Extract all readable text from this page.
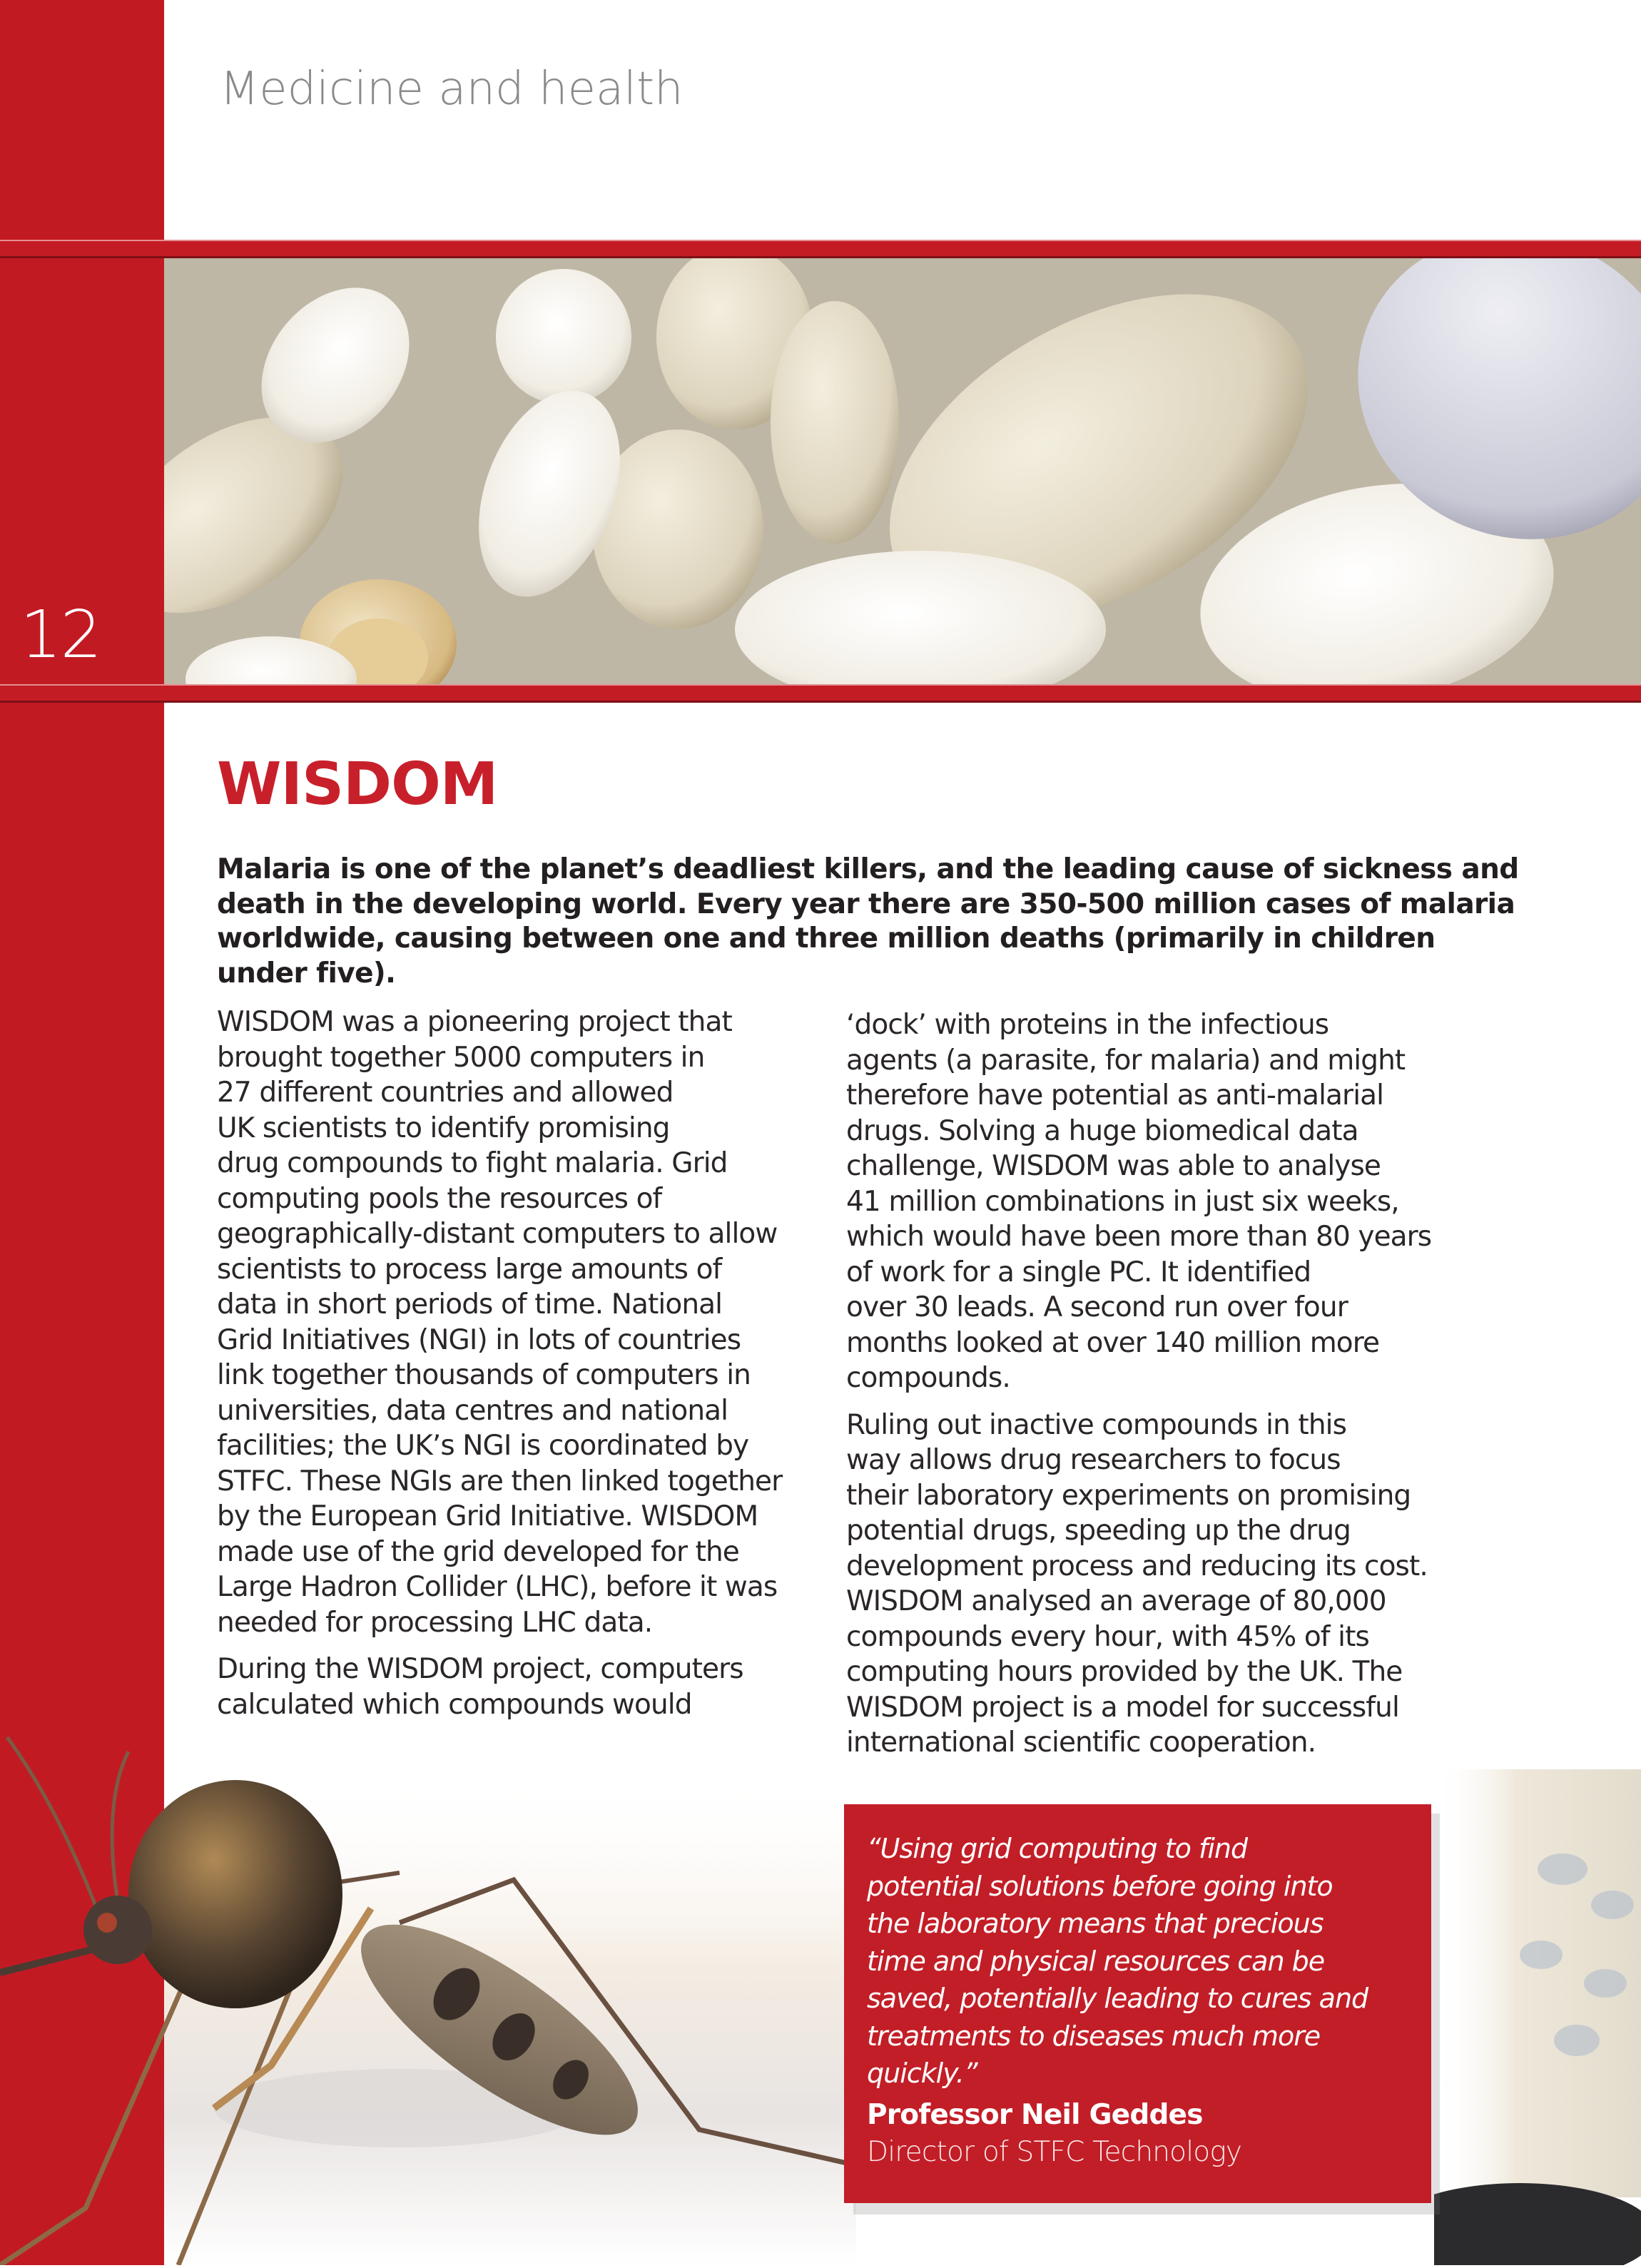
Medicine and health
12
WISDOM
Malaria is one of the planet’s deadliest killers, and the leading cause of sickness and
death in the developing world. Every year there are 350-500 million cases of malaria
worldwide, causing between one and three million deaths (primarily in children
under five).

WISDOM was a pioneering project that
brought together 5000 computers in
27 different countries and allowed
UK scientists to identify promising
drug compounds to fight malaria. Grid
computing pools the resources of
geographically-distant computers to allow
scientists to process large amounts of
data in short periods of time. National
Grid Initiatives (NGI) in lots of countries
link together thousands of computers in
universities, data centres and national
facilities; the UK’s NGI is coordinated by
STFC. These NGIs are then linked together
by the European Grid Initiative. WISDOM
made use of the grid developed for the
Large Hadron Collider (LHC), before it was
needed for processing LHC data.

During the WISDOM project, computers
calculated which compounds would

‘dock’ with proteins in the infectious
agents (a parasite, for malaria) and might
therefore have potential as anti-malarial
drugs. Solving a huge biomedical data
challenge, WISDOM was able to analyse
41 million combinations in just six weeks,
which would have been more than 80 years
of work for a single PC. It identified
over 30 leads. A second run over four
months looked at over 140 million more
compounds.

Ruling out inactive compounds in this
way allows drug researchers to focus
their laboratory experiments on promising
potential drugs, speeding up the drug
development process and reducing its cost.
WISDOM analysed an average of 80,000
compounds every hour, with 45% of its
computing hours provided by the UK. The
WISDOM project is a model for successful
international scientific cooperation.

“Using grid computing to find
potential solutions before going into
the laboratory means that precious
time and physical resources can be
saved, potentially leading to cures and
treatments to diseases much more
quickly.”
Professor Neil Geddes
Director of STFC Technology
